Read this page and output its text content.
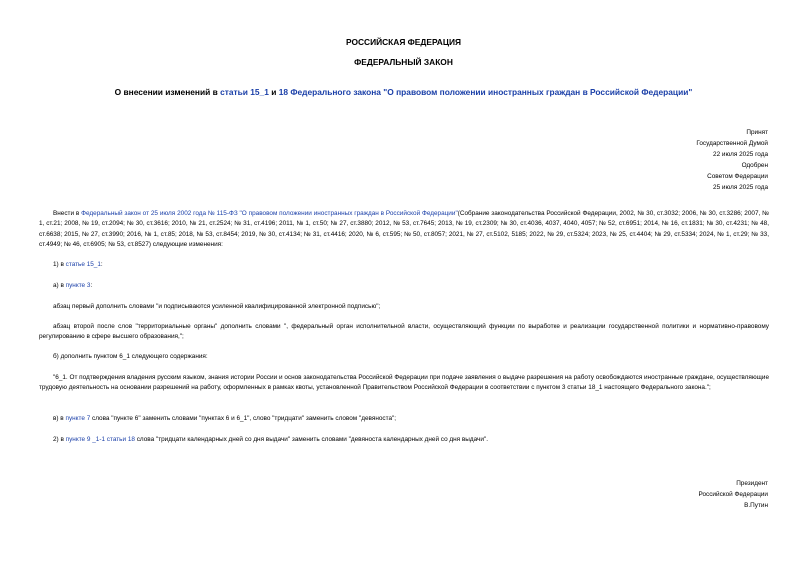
РОССИЙСКАЯ ФЕДЕРАЦИЯ
ФЕДЕРАЛЬНЫЙ ЗАКОН
О внесении изменений в статьи 15_1 и 18 Федерального закона "О правовом положении иностранных граждан в Российской Федерации"
Принят
Государственной Думой
22 июля 2025 года
Одобрен
Советом Федерации
25 июля 2025 года
Внести в Федеральный закон от 25 июля 2002 года № 115-ФЗ "О правовом положении иностранных граждан в Российской Федерации"(Собрание законодательства Российской Федерации, 2002, № 30, ст.3032; 2006, № 30, ст.3286; 2007, № 1, ст.21; 2008, № 19, ст.2094; № 30, ст.3616; 2010, № 21, ст.2524; № 31, ст.4196; 2011, № 1, ст.50; № 27, ст.3880; 2012, № 53, ст.7645; 2013, № 19, ст.2309; № 30, ст.4036, 4037, 4040, 4057; № 52, ст.6951; 2014, № 16, ст.1831; № 30, ст.4231; № 48, ст.6638; 2015, № 27, ст.3990; 2016, № 1, ст.85; 2018, № 53, ст.8454; 2019, № 30, ст.4134; № 31, ст.4416; 2020, № 6, ст.595; № 50, ст.8057; 2021, № 27, ст.5102, 5185; 2022, № 29, ст.5324; 2023, № 25, ст.4404; № 29, ст.5334; 2024, № 1, ст.29; № 33, ст.4949; № 46, ст.6905; № 53, ст.8527) следующие изменения:
1) в статье 15_1:
а) в пункте 3:
абзац первый дополнить словами "и подписываются усиленной квалифицированной электронной подписью";
абзац второй после слов "территориальные органы" дополнить словами ", федеральный орган исполнительной власти, осуществляющий функции по выработке и реализации государственной политики и нормативно-правовому регулированию в сфере высшего образования,";
б) дополнить пунктом 6_1 следующего содержания:
"6_1. От подтверждения владения русским языком, знания истории России и основ законодательства Российской Федерации при подаче заявления о выдаче разрешения на работу освобождаются иностранные граждане, осуществляющие трудовую деятельность на основании разрешений на работу, оформленных в рамках квоты, установленной Правительством Российской Федерации в соответствии с пунктом 3 статьи 18_1 настоящего Федерального закона.";
в) в пункте 7 слова "пункте 6" заменить словами "пунктах 6 и 6_1", слово "тридцати" заменить словом "девяноста";
2) в пункте 9 _1-1 статьи 18 слова "тридцати календарных дней со дня выдачи" заменить словами "девяноста календарных дней со дня выдачи".
Президент
Российской Федерации
В.Путин
